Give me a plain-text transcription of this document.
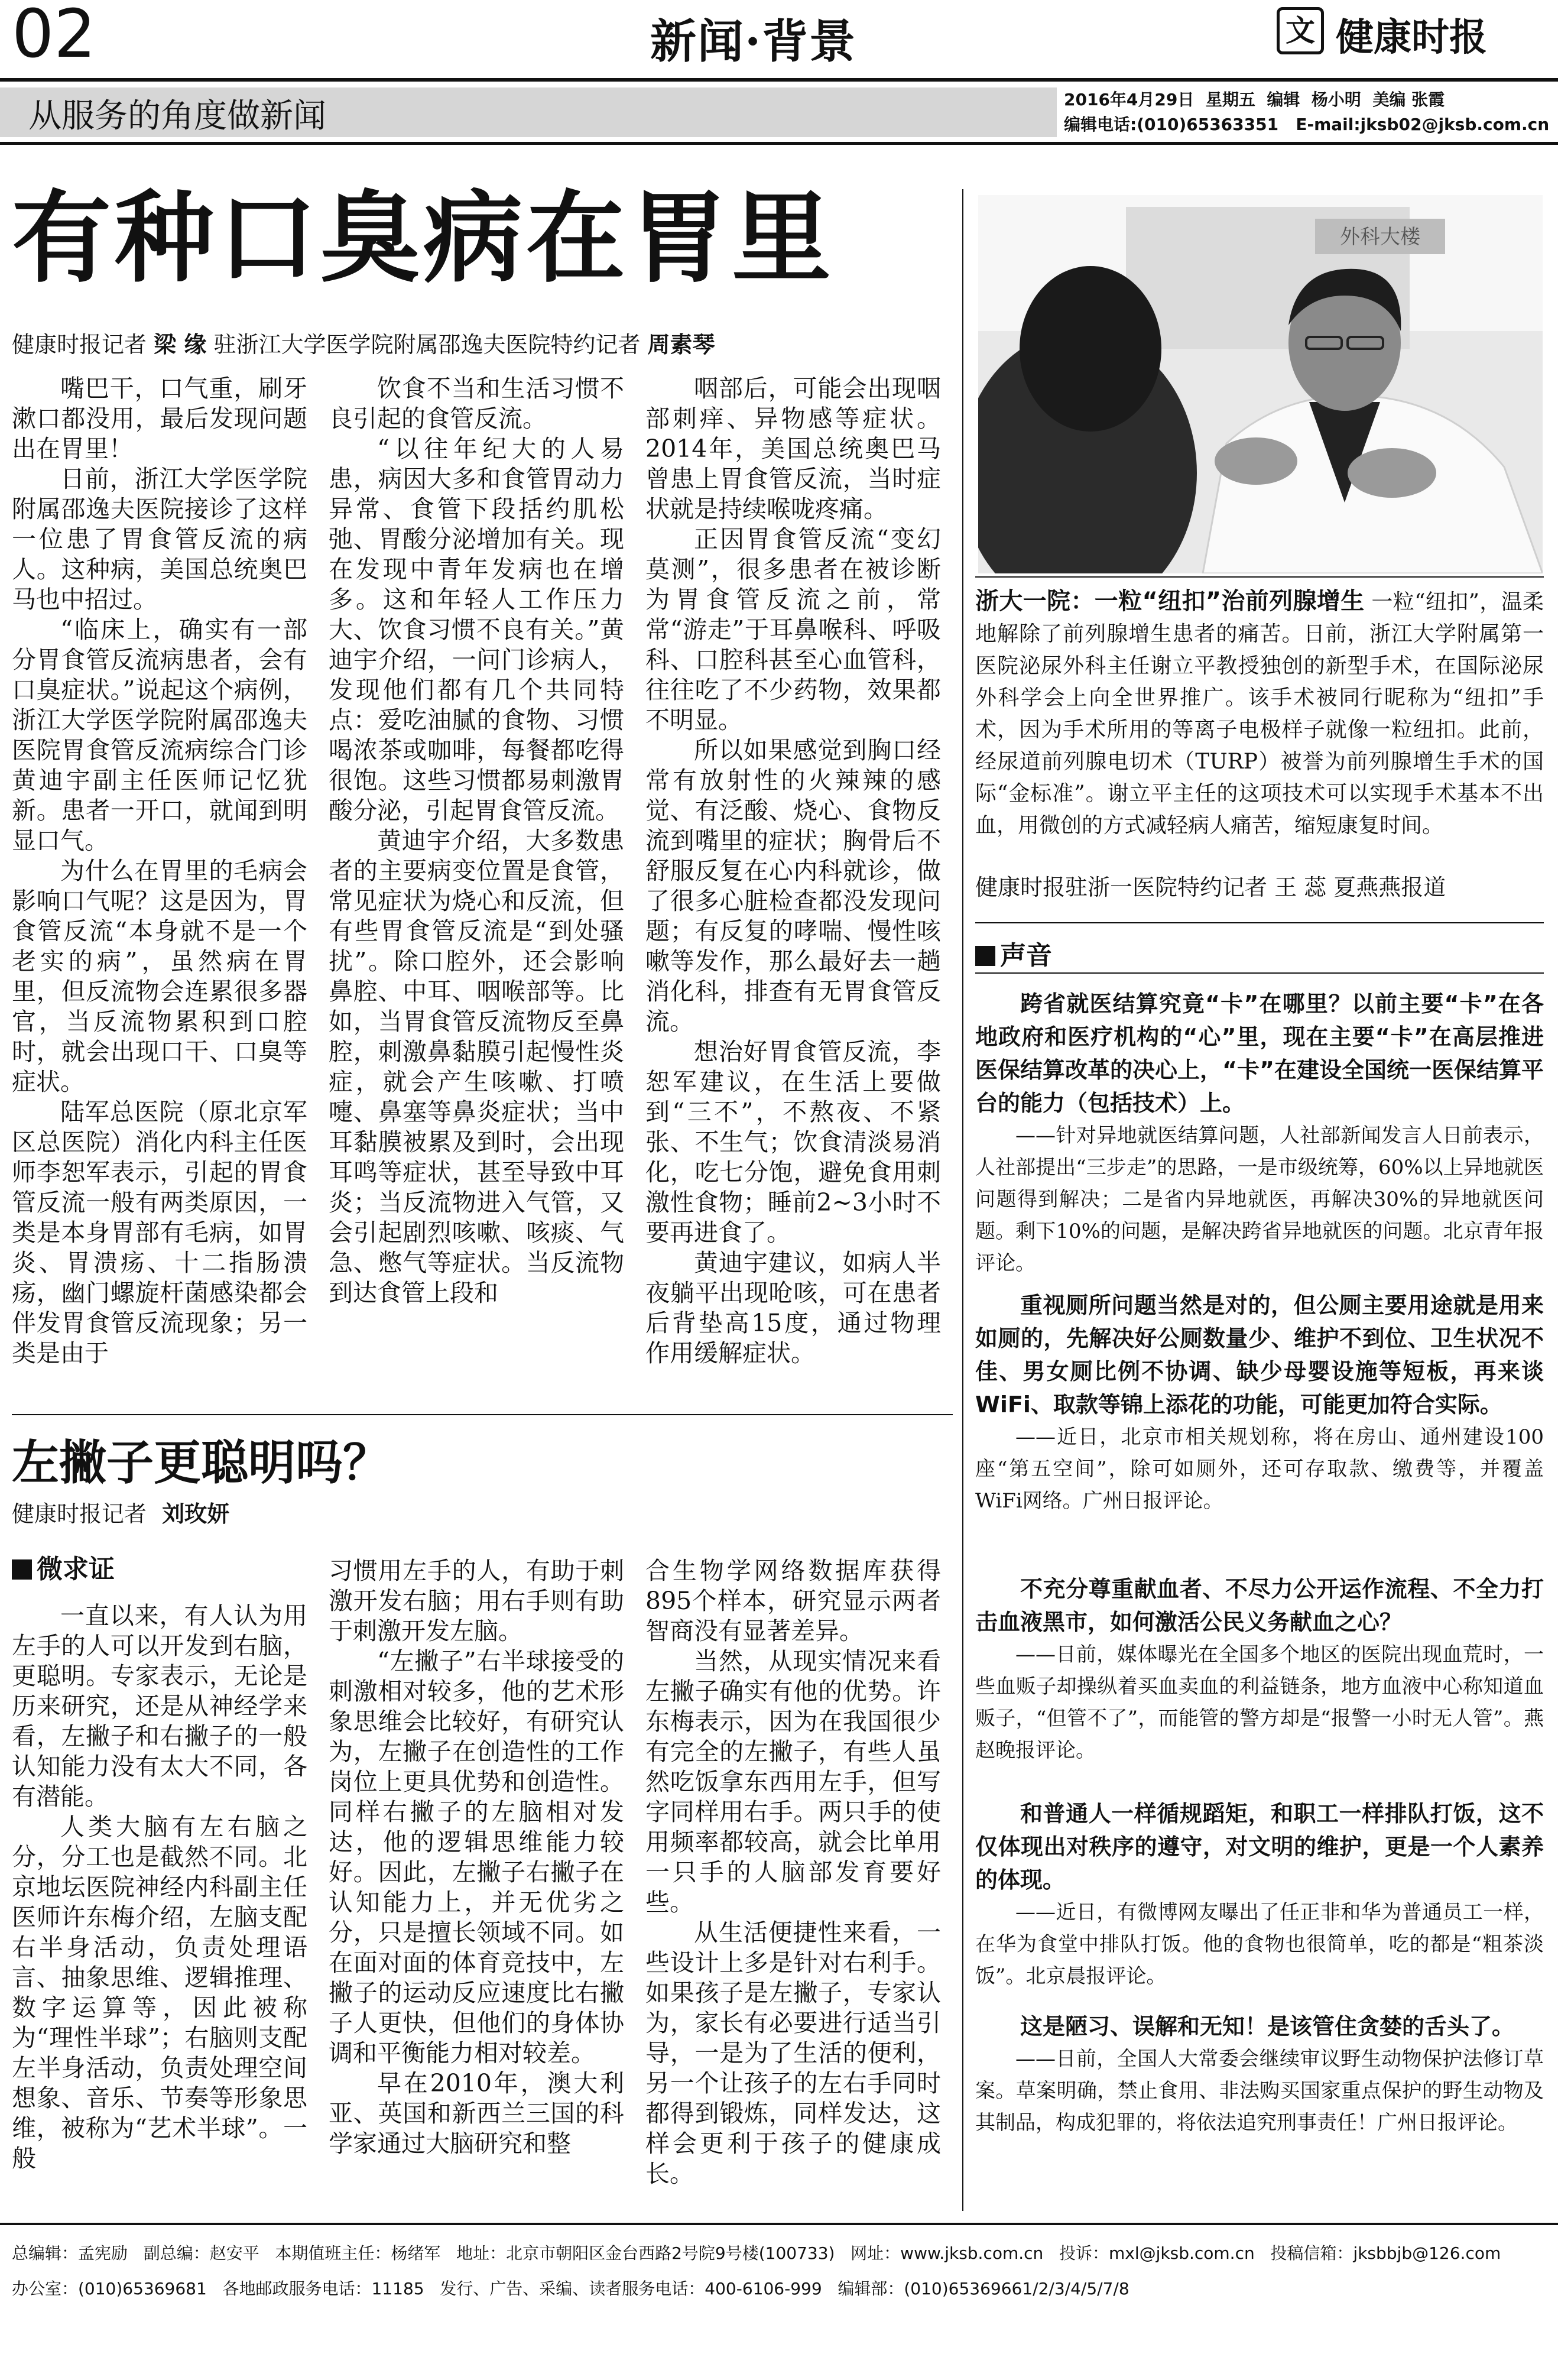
02	新闻·背景	文 健康时报
从服务的角度做新闻	2016年4月29日  星期五  编辑  杨小明  美编 张霞
编辑电话:(010)65363351   E-mail:jksb02@jksb.com.cn
有种口臭病在胃里
健康时报记者 梁 缘 驻浙江大学医学院附属邵逸夫医院特约记者 周素琴

嘴巴干，口气重，刷牙漱口都没用，最后发现问题出在胃里！

日前，浙江大学医学院附属邵逸夫医院接诊了这样一位患了胃食管反流的病人。这种病，美国总统奥巴马也中招过。

“临床上，确实有一部分胃食管反流病患者，会有口臭症状。”说起这个病例，浙江大学医学院附属邵逸夫医院胃食管反流病综合门诊黄迪宇副主任医师记忆犹新。患者一开口，就闻到明显口气。

为什么在胃里的毛病会影响口气呢？这是因为，胃食管反流“本身就不是一个老实的病”，虽然病在胃里，但反流物会连累很多器官，当反流物累积到口腔时，就会出现口干、口臭等症状。

陆军总医院（原北京军区总医院）消化内科主任医师李恕军表示，引起的胃食管反流一般有两类原因，一类是本身胃部有毛病，如胃炎、胃溃疡、十二指肠溃疡，幽门螺旋杆菌感染都会伴发胃食管反流现象；另一类是由于

饮食不当和生活习惯不良引起的食管反流。

“以往年纪大的人易患，病因大多和食管胃动力异常、食管下段括约肌松弛、胃酸分泌增加有关。现在发现中青年发病也在增多。这和年轻人工作压力大、饮食习惯不良有关。”黄迪宇介绍，一问门诊病人，发现他们都有几个共同特点：爱吃油腻的食物、习惯喝浓茶或咖啡，每餐都吃得很饱。这些习惯都易刺激胃酸分泌，引起胃食管反流。

黄迪宇介绍，大多数患者的主要病变位置是食管，常见症状为烧心和反流，但有些胃食管反流是“到处骚扰”。除口腔外，还会影响鼻腔、中耳、咽喉部等。比如，当胃食管反流物反至鼻腔，刺激鼻黏膜引起慢性炎症，就会产生咳嗽、打喷嚏、鼻塞等鼻炎症状；当中耳黏膜被累及到时，会出现耳鸣等症状，甚至导致中耳炎；当反流物进入气管，又会引起剧烈咳嗽、咳痰、气急、憋气等症状。当反流物到达食管上段和

咽部后，可能会出现咽部刺痒、异物感等症状。2014年，美国总统奥巴马曾患上胃食管反流，当时症状就是持续喉咙疼痛。

正因胃食管反流“变幻莫测”，很多患者在被诊断为胃食管反流之前，常常“游走”于耳鼻喉科、呼吸科、口腔科甚至心血管科，往往吃了不少药物，效果都不明显。

所以如果感觉到胸口经常有放射性的火辣辣的感觉、有泛酸、烧心、食物反流到嘴里的症状；胸骨后不舒服反复在心内科就诊，做了很多心脏检查都没发现问题；有反复的哮喘、慢性咳嗽等发作，那么最好去一趟消化科，排查有无胃食管反流。

想治好胃食管反流，李恕军建议，在生活上要做到“三不”，不熬夜、不紧张、不生气；饮食清淡易消化，吃七分饱，避免食用刺激性食物；睡前2~3小时不要再进食了。

黄迪宇建议，如病人半夜躺平出现呛咳，可在患者后背垫高15度，通过物理作用缓解症状。

左撇子更聪明吗？
健康时报记者 刘玫妍
微求证

一直以来，有人认为用左手的人可以开发到右脑，更聪明。专家表示，无论是历来研究，还是从神经学来看，左撇子和右撇子的一般认知能力没有太大不同，各有潜能。

人类大脑有左右脑之分，分工也是截然不同。北京地坛医院神经内科副主任医师许东梅介绍，左脑支配右半身活动，负责处理语言、抽象思维、逻辑推理、数字运算等，因此被称为“理性半球”；右脑则支配左半身活动，负责处理空间想象、音乐、节奏等形象思维，被称为“艺术半球”。一般

习惯用左手的人，有助于刺激开发右脑；用右手则有助于刺激开发左脑。

“左撇子”右半球接受的刺激相对较多，他的艺术形象思维会比较好，有研究认为，左撇子在创造性的工作岗位上更具优势和创造性。同样右撇子的左脑相对发达，他的逻辑思维能力较好。因此，左撇子右撇子在认知能力上，并无优劣之分，只是擅长领域不同。如在面对面的体育竞技中，左撇子的运动反应速度比右撇子人更快，但他们的身体协调和平衡能力相对较差。

早在2010年，澳大利亚、英国和新西兰三国的科学家通过大脑研究和整

合生物学网络数据库获得895个样本，研究显示两者智商没有显著差异。

当然，从现实情况来看左撇子确实有他的优势。许东梅表示，因为在我国很少有完全的左撇子，有些人虽然吃饭拿东西用左手，但写字同样用右手。两只手的使用频率都较高，就会比单用一只手的人脑部发育要好些。

从生活便捷性来看，一些设计上多是针对右利手。如果孩子是左撇子，专家认为，家长有必要进行适当引导，一是为了生活的便利，另一个让孩子的左右手同时都得到锻炼，同样发达，这样会更利于孩子的健康成长。

外科大楼
浙大一院：一粒“纽扣”治前列腺增生 一粒“纽扣”，温柔地解除了前列腺增生患者的痛苦。日前，浙江大学附属第一医院泌尿外科主任谢立平教授独创的新型手术，在国际泌尿外科学会上向全世界推广。该手术被同行昵称为“纽扣”手术，因为手术所用的等离子电极样子就像一粒纽扣。此前，经尿道前列腺电切术（TURP）被誉为前列腺增生手术的国际“金标准”。谢立平主任的这项技术可以实现手术基本不出血，用微创的方式减轻病人痛苦，缩短康复时间。
健康时报驻浙一医院特约记者 王 蕊 夏燕燕报道
声音
跨省就医结算究竟“卡”在哪里？以前主要“卡”在各地政府和医疗机构的“心”里，现在主要“卡”在高层推进医保结算改革的决心上，“卡”在建设全国统一医保结算平台的能力（包括技术）上。
——针对异地就医结算问题，人社部新闻发言人日前表示，人社部提出“三步走”的思路，一是市级统筹，60%以上异地就医问题得到解决；二是省内异地就医，再解决30%的异地就医问题。剩下10%的问题，是解决跨省异地就医的问题。北京青年报评论。
重视厕所问题当然是对的，但公厕主要用途就是用来如厕的，先解决好公厕数量少、维护不到位、卫生状况不佳、男女厕比例不协调、缺少母婴设施等短板，再来谈WiFi、取款等锦上添花的功能，可能更加符合实际。
——近日，北京市相关规划称，将在房山、通州建设100座“第五空间”，除可如厕外，还可存取款、缴费等，并覆盖WiFi网络。广州日报评论。
不充分尊重献血者、不尽力公开运作流程、不全力打击血液黑市，如何激活公民义务献血之心？
——日前，媒体曝光在全国多个地区的医院出现血荒时，一些血贩子却操纵着买血卖血的利益链条，地方血液中心称知道血贩子，“但管不了”，而能管的警方却是“报警一小时无人管”。燕赵晚报评论。
和普通人一样循规蹈矩，和职工一样排队打饭，这不仅体现出对秩序的遵守，对文明的维护，更是一个人素养的体现。
——近日，有微博网友曝出了任正非和华为普通员工一样，在华为食堂中排队打饭。他的食物也很简单，吃的都是“粗茶淡饭”。北京晨报评论。
这是陋习、误解和无知！是该管住贪婪的舌头了。
——日前，全国人大常委会继续审议野生动物保护法修订草案。草案明确，禁止食用、非法购买国家重点保护的野生动物及其制品，构成犯罪的，将依法追究刑事责任！广州日报评论。
总编辑：孟宪励   副总编：赵安平   本期值班主任：杨绪军   地址：北京市朝阳区金台西路2号院9号楼(100733)   网址：www.jksb.com.cn   投诉：mxl@jksb.com.cn   投稿信箱：jksbbjb@126.com
办公室：(010)65369681   各地邮政服务电话：11185   发行、广告、采编、读者服务电话：400-6106-999   编辑部：(010)65369661/2/3/4/5/7/8
